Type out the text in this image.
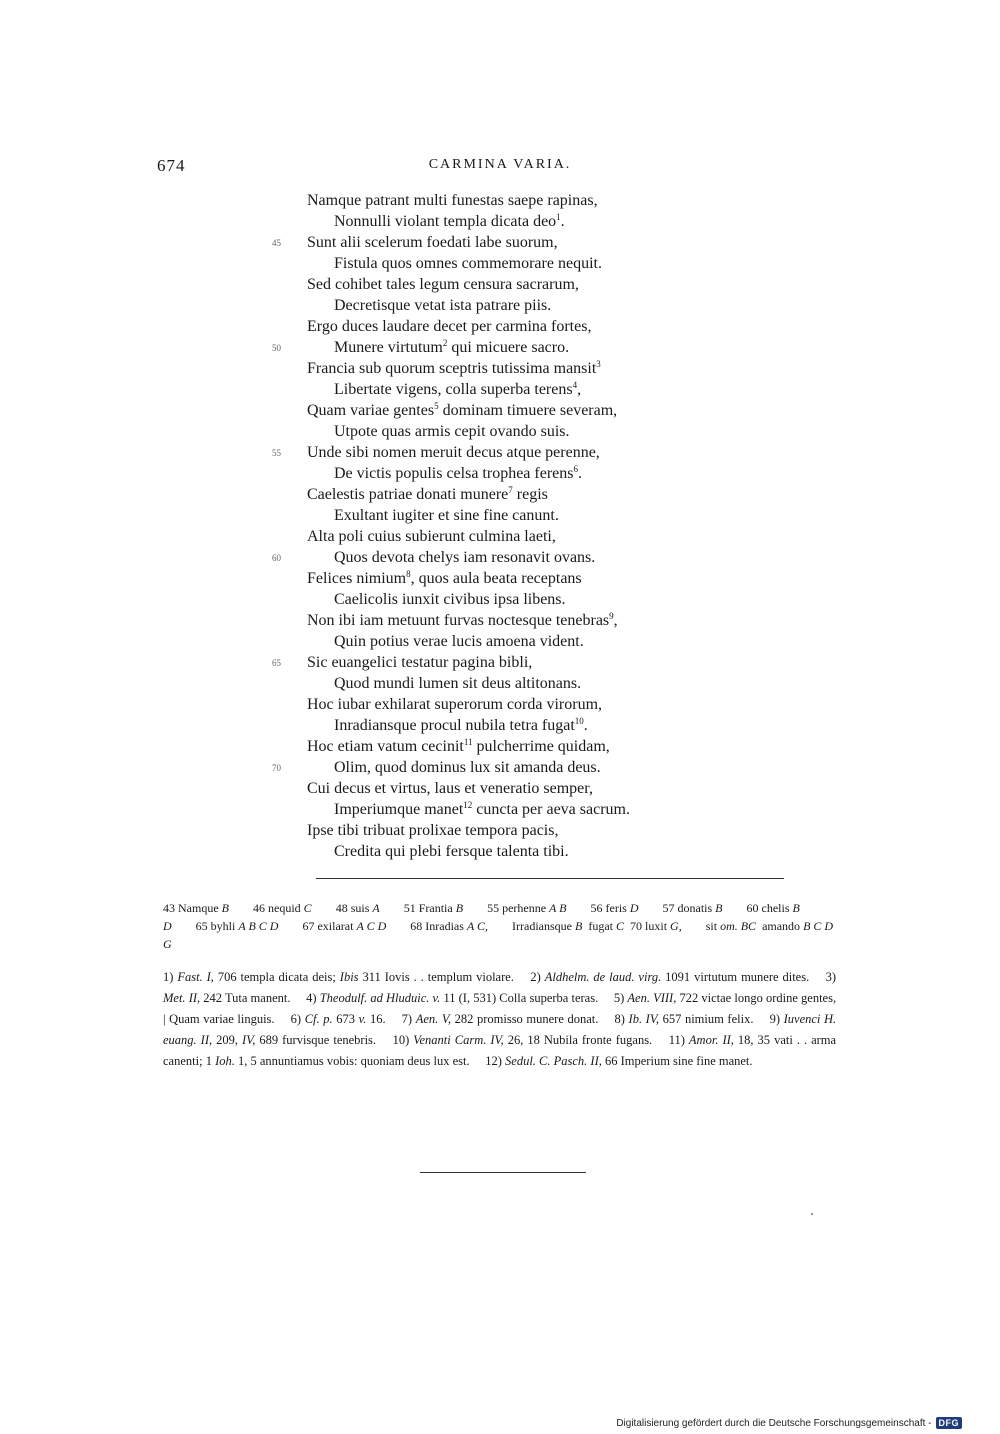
674	CARMINA VARIA.
Namque patrant multi funestas saepe rapinas,
Nonnulli violant templa dicata deo$^1$.
Sunt alii scelerum foedati labe suorum,
Fistula quos omnes commemorare nequit.
Sed cohibet tales legum censura sacrarum,
Decretisque vetat ista patrare piis.
Ergo duces laudare decet per carmina fortes,
Munere virtutum$^2$ qui micuere sacro.
Francia sub quorum sceptris tutissima mansit$^3$
Libertate vigens, colla superba terens$^4$,
Quam variae gentes$^5$ dominam timuere severam,
Utpote quas armis cepit ovando suis.
Unde sibi nomen meruit decus atque perenne,
De victis populis celsa trophea ferens$^6$.
Caelestis patriae donati munere$^7$ regis
Exultant iugiter et sine fine canunt.
Alta poli cuius subierunt culmina laeti,
Quos devota chelys iam resonavit ovans.
Felices nimium$^8$, quos aula beata receptans
Caelicolis iunxit civibus ipsa libens.
Non ibi iam metuunt furvas noctesque tenebras$^9$,
Quin potius verae lucis amoena vident.
Sic euangelici testatur pagina bibli,
Quod mundi lumen sit deus altitonans.
Hoc iubar exhilarat superorum corda virorum,
Inradiansque procul nubila tetra fugat$^{10}$.
Hoc etiam vatum cecinit$^{11}$ pulcherrime quidam,
Olim, quod dominus lux sit amanda deus.
Cui decus et virtus, laus et veneratio semper,
Imperiumque manet$^{12}$ cuncta per aeva sacrum.
Ipse tibi tribuat prolixae tempora pacis,
Credita qui plebi fersque talenta tibi.
45
50
55
60
65
70
43 Namque B   46 nequid C   48 suis A   51 Frantia B   55 perhenne A B   56 feris D   57 donatis B   60 chelis B D   65 byhli A B C D   67 exilarat A C D   68 Inradias A C,   Irradiansque B  fugat C  70 luxit G,   sit om. BC  amando B C D G 
1) Fast. I, 706 templa dicata deis; Ibis 311 Iovis . . templum violare.  2) Aldhelm. de laud. virg. 1091 virtutum munere dites.  3) Met. II, 242 Tuta manent.  4) Theodulf. ad Hluduic. v. 11 (I, 531) Colla superba teras.  5) Aen. VIII, 722 victae longo ordine gentes, | Quam variae linguis.  6) Cf. p. 673 v. 16.  7) Aen. V, 282 promisso munere donat.  8) Ib. IV, 657 nimium felix.  9) Iuvenci H. euang. II, 209, IV, 689 furvisque tenebris.  10) Venanti Carm. IV, 26, 18 Nubila fronte fugans.  11) Amor. II, 18, 35 vati . . arma canenti; 1 Ioh. 1, 5 annuntiamus vobis: quoniam deus lux est.  12) Sedul. C. Pasch. II, 66 Imperium sine fine manet. 
Digitalisierung gefördert durch die Deutsche Forschungsgemeinschaft - DFG
